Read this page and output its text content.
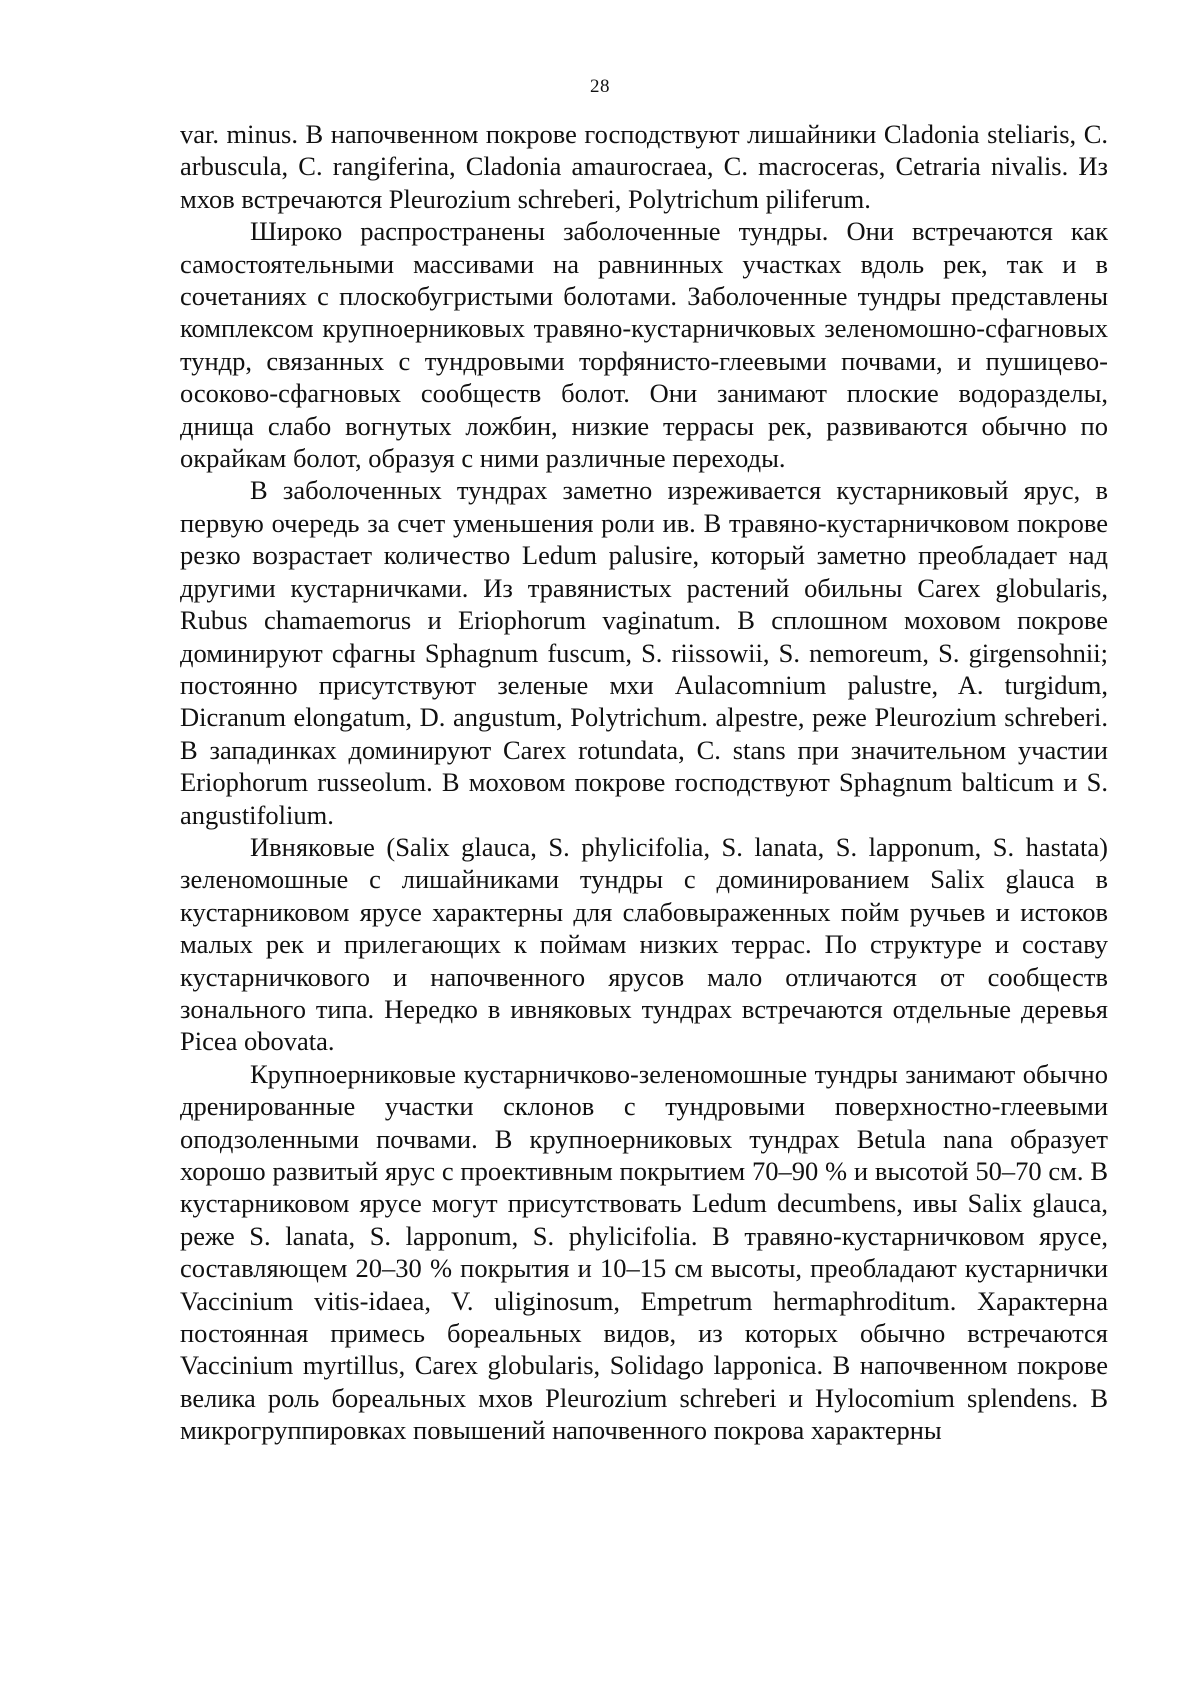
28

var. minus. В напочвенном покрове господствуют лишайники Cladonia steliaris, C. arbuscula, C. rangiferina, Cladonia amaurocraea, C. macroceras, Cetraria nivalis. Из мхов встречаются Pleurozium schreberi, Polytrichum piliferum.

Широко распространены заболоченные тундры. Они встречаются как самостоятельными массивами на равнинных участках вдоль рек, так и в сочетаниях с плоскобугристыми болотами. Заболоченные тундры представлены комплексом крупноерниковых травяно-кустарничковых зеленомошно-сфагновых тундр, связанных с тундровыми торфянисто-глеевыми почвами, и пушицево-осоково-сфагновых сообществ болот. Они занимают плоские водоразделы, днища слабо вогнутых ложбин, низкие террасы рек, развиваются обычно по окрайкам болот, образуя с ними различные переходы.

В заболоченных тундрах заметно изреживается кустарниковый ярус, в первую очередь за счет уменьшения роли ив. В травяно-кустарничковом покрове резко возрастает количество Ledum palusire, который заметно преобладает над другими кустарничками. Из травянистых растений обильны Carex globularis, Rubus chamaemorus и Eriophorum vaginatum. В сплошном моховом покрове доминируют сфагны Sphagnum fuscum, S. riissowii, S. nemoreum, S. girgensohnii; постоянно присутствуют зеленые мхи Aulacomnium palustre, A. turgidum, Dicranum elongatum, D. angustum, Polytrichum. alpestre, реже Pleurozium schreberi. В западинках доминируют Carex rotundata, C. stans при значительном участии Eriophorum russeolum. В моховом покрове господствуют Sphagnum balticum и S. angustifolium.

Ивняковые (Salix glauca, S. phylicifolia, S. lanata, S. lapponum, S. hastata) зеленомошные с лишайниками тундры с доминированием Salix glauca в кустарниковом ярусе характерны для слабовыраженных пойм ручьев и истоков малых рек и прилегающих к поймам низких террас. По структуре и составу кустарничкового и напочвенного ярусов мало отличаются от сообществ зонального типа. Нередко в ивняковых тундрах встречаются отдельные деревья Picea obovata.

Крупноерниковые кустарничково-зеленомошные тундры занимают обычно дренированные участки склонов с тундровыми поверхностно-глеевыми оподзоленными почвами. В крупноерниковых тундрах Betula nana образует хорошо развитый ярус с проективным покрытием 70–90 % и высотой 50–70 см. В кустарниковом ярусе могут присутствовать Ledum decumbens, ивы Salix glauca, реже S. lanata, S. lapponum, S. phylicifolia. В травяно-кустарничковом ярусе, составляющем 20–30 % покрытия и 10–15 см высоты, преобладают кустарнички Vaccinium vitis-idaea, V. uliginosum, Empetrum hermaphroditum. Характерна постоянная примесь бореальных видов, из которых обычно встречаются Vaccinium myrtillus, Carex globularis, Solidago lapponica. В напочвенном покрове велика роль бореальных мхов Pleurozium schreberi и Hylocomium splendens. В микрогруппировках повышений напочвенного покрова характерны
